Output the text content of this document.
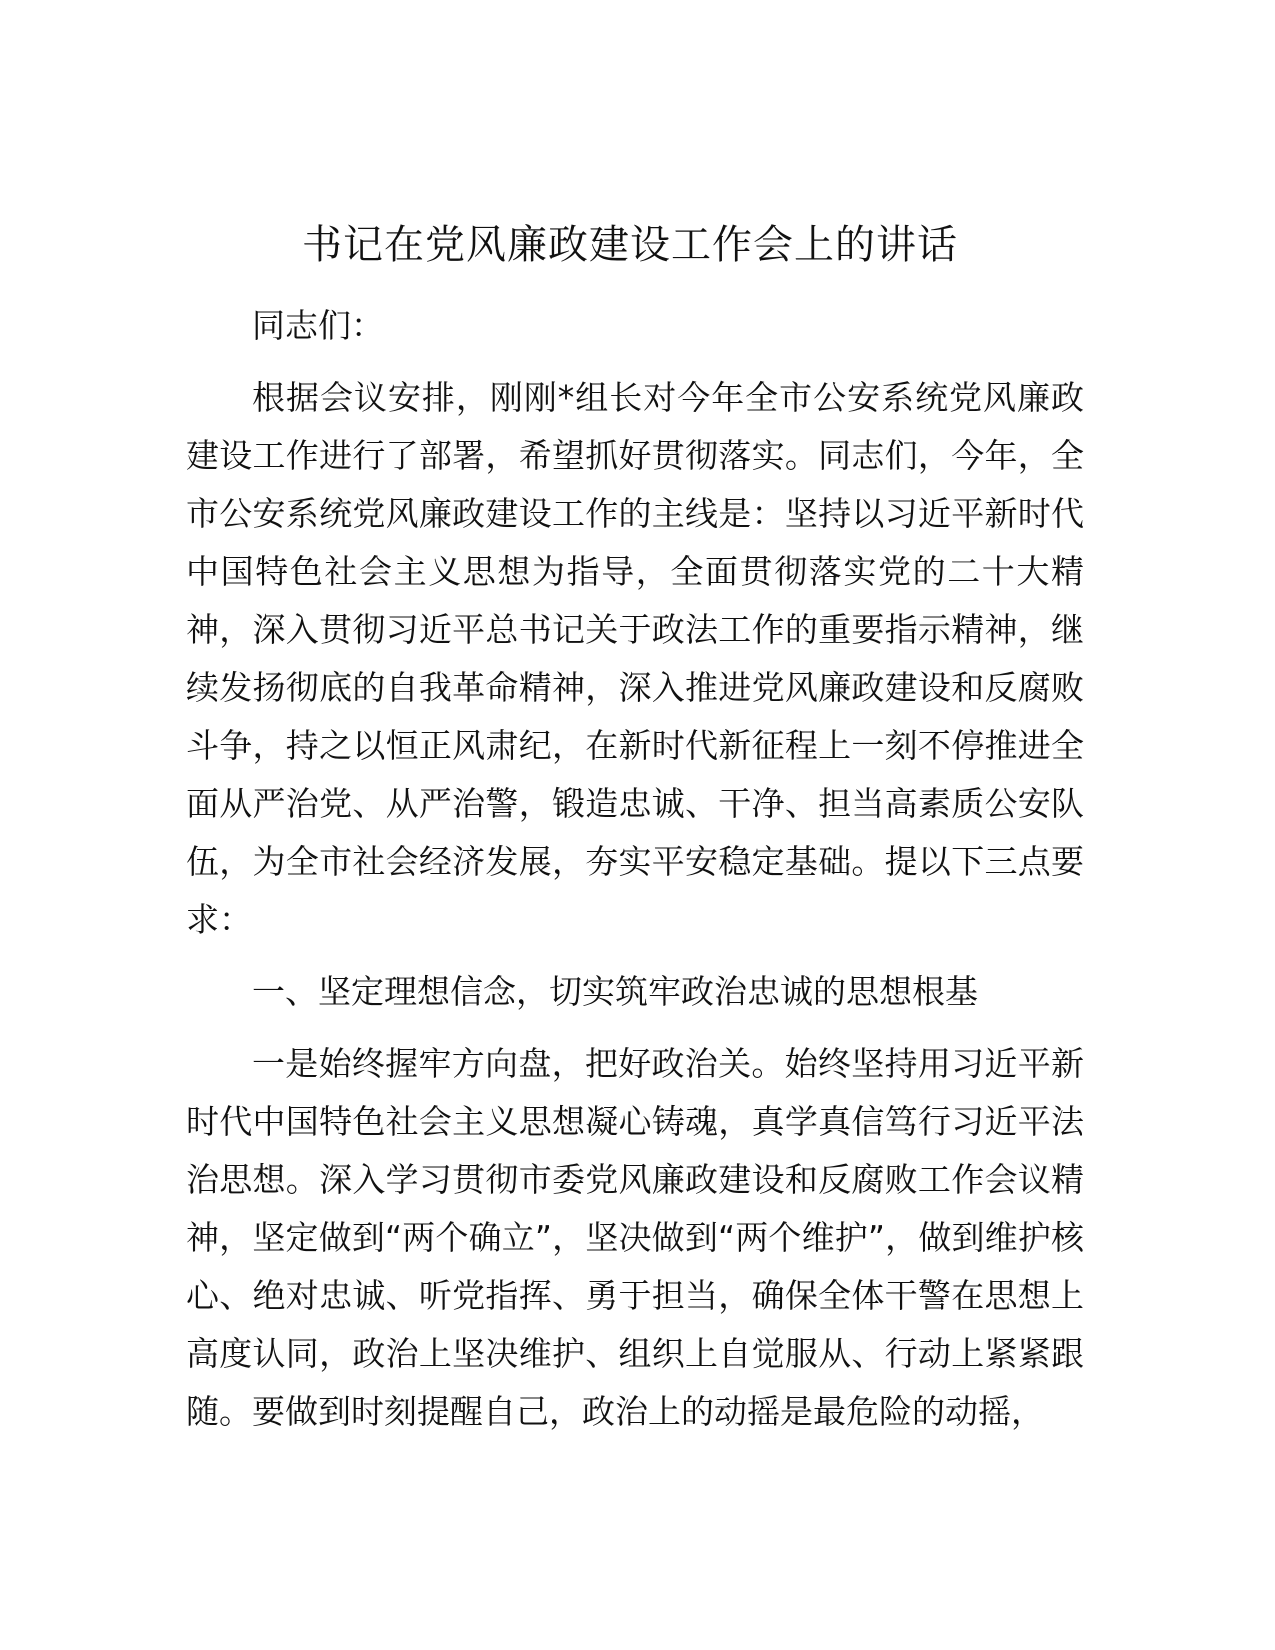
书记在党风廉政建设工作会上的讲话

同志们：

根据会议安排，刚刚*组长对今年全市公安系统党风廉政建设工作进行了部署，希望抓好贯彻落实。同志们，今年，全市公安系统党风廉政建设工作的主线是：坚持以习近平新时代中国特色社会主义思想为指导，全面贯彻落实党的二十大精神，深入贯彻习近平总书记关于政法工作的重要指示精神，继续发扬彻底的自我革命精神，深入推进党风廉政建设和反腐败斗争，持之以恒正风肃纪，在新时代新征程上一刻不停推进全面从严治党、从严治警，锻造忠诚、干净、担当高素质公安队伍，为全市社会经济发展，夯实平安稳定基础。提以下三点要求：

一、坚定理想信念，切实筑牢政治忠诚的思想根基

一是始终握牢方向盘，把好政治关。始终坚持用习近平新时代中国特色社会主义思想凝心铸魂，真学真信笃行习近平法治思想。深入学习贯彻市委党风廉政建设和反腐败工作会议精神，坚定做到“两个确立”，坚决做到“两个维护”，做到维护核心、绝对忠诚、听党指挥、勇于担当，确保全体干警在思想上高度认同，政治上坚决维护、组织上自觉服从、行动上紧紧跟随。要做到时刻提醒自己，政治上的动摇是最危险的动摇，
